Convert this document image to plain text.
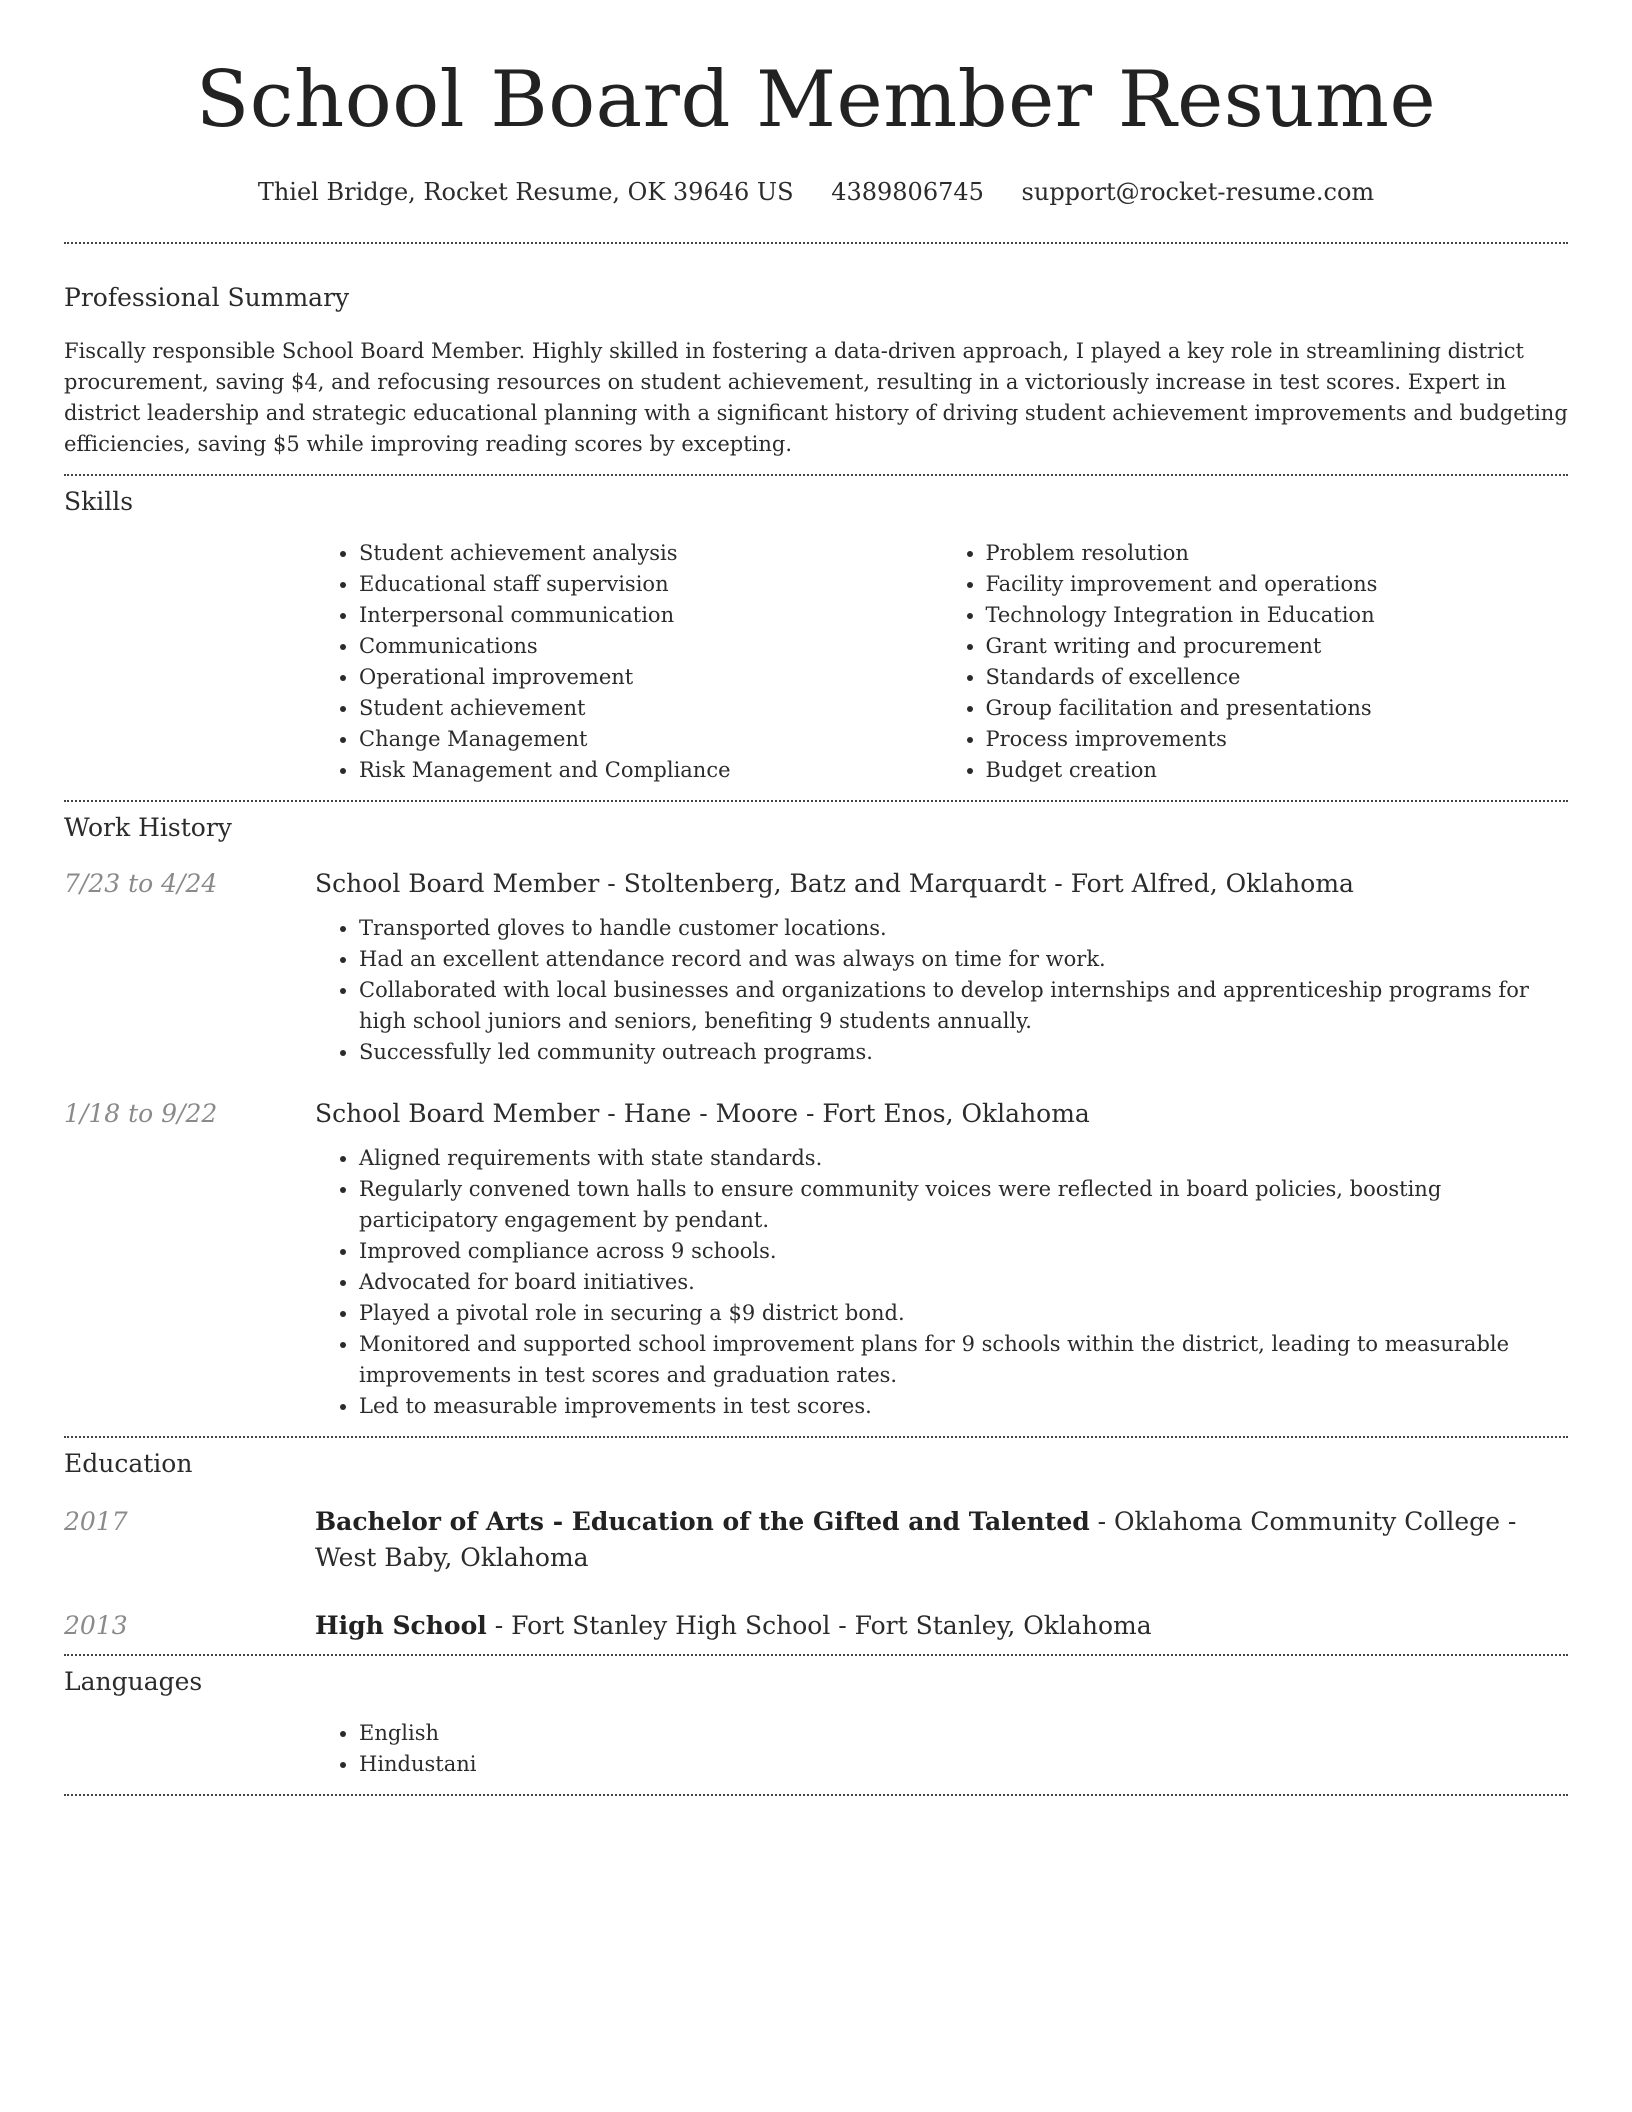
School Board Member Resume
Thiel Bridge, Rocket Resume, OK 39646 US 4389806745 support@rocket-resume.com
Professional Summary

Fiscally responsible School Board Member. Highly skilled in fostering a data-driven approach, I played a key role in streamlining district procurement, saving $4, and refocusing resources on student achievement, resulting in a victoriously increase in test scores. Expert in district leadership and strategic educational planning with a significant history of driving student achievement improvements and budgeting efficiencies, saving $5 while improving reading scores by excepting.

Skills
• Student achievement analysis
• Educational staff supervision
• Interpersonal communication
• Communications
• Operational improvement
• Student achievement
• Change Management
• Risk Management and Compliance
• Problem resolution
• Facility improvement and operations
• Technology Integration in Education
• Grant writing and procurement
• Standards of excellence
• Group facilitation and presentations
• Process improvements
• Budget creation
Work History
7/23 to 4/24	School Board Member - Stoltenberg, Batz and Marquardt - Fort Alfred, Oklahoma
• Transported gloves to handle customer locations.
• Had an excellent attendance record and was always on time for work.
• Collaborated with local businesses and organizations to develop internships and apprenticeship programs for high school juniors and seniors, benefiting 9 students annually.
• Successfully led community outreach programs.
1/18 to 9/22	School Board Member - Hane - Moore - Fort Enos, Oklahoma
• Aligned requirements with state standards.
• Regularly convened town halls to ensure community voices were reflected in board policies, boosting participatory engagement by pendant.
• Improved compliance across 9 schools.
• Advocated for board initiatives.
• Played a pivotal role in securing a $9 district bond.
• Monitored and supported school improvement plans for 9 schools within the district, leading to measurable improvements in test scores and graduation rates.
• Led to measurable improvements in test scores.
Education
2017	Bachelor of Arts - Education of the Gifted and Talented - Oklahoma Community College - West Baby, Oklahoma
2013	High School - Fort Stanley High School - Fort Stanley, Oklahoma
Languages
• English
• Hindustani
